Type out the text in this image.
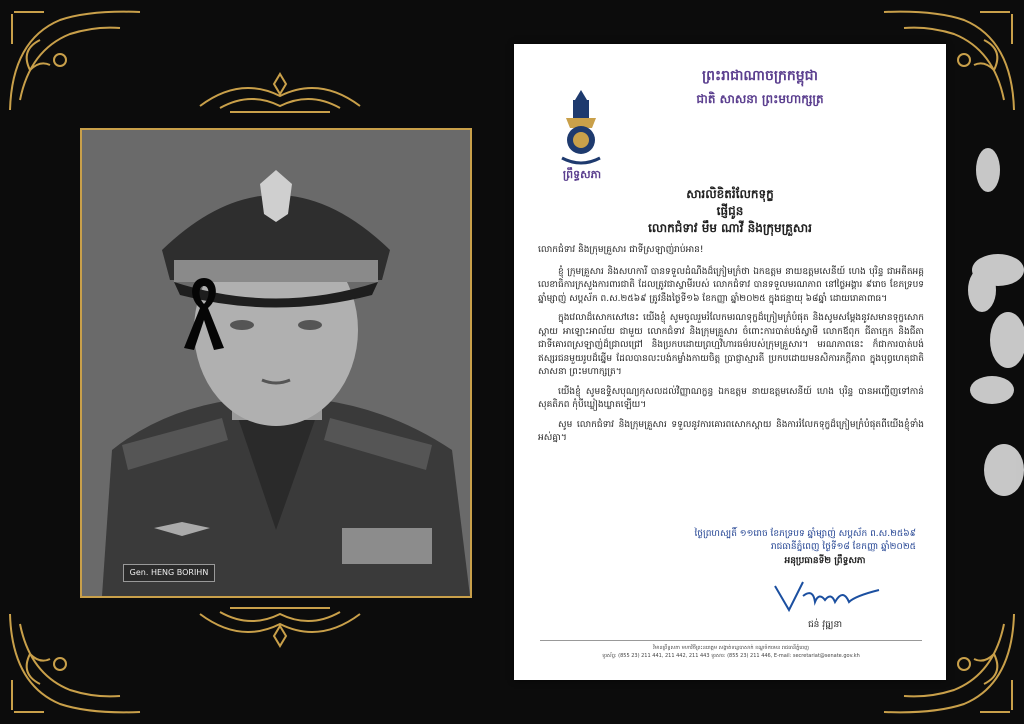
Gen. HENG BORIHN
ព្រះរាជាណាចក្រកម្ពុជា
ជាតិ សាសនា ព្រះមហាក្សត្រ
ព្រឹទ្ធសភា
សារលិខិតរំលែកទុក្ខ
ផ្ញើជូន
លោកជំទាវ មឹម ណាវី និងក្រុមគ្រួសារ

លោកជំទាវ និងក្រុមគ្រួសារ ជាទីស្រឡាញ់រាប់អាន!

ខ្ញុំ ក្រុមគ្រួសារ និងសហការី បានទទួលដំណឹងដ៏ក្រៀមក្រំថា ឯកឧត្តម នាយឧត្តមសេនីយ៍ ហេង បុរិន្ទ ជាអតីតអគ្គលេខាធិការក្រសួងការពារជាតិ ដែលត្រូវជាស្វាមីរបស់ លោកជំទាវ បានទទួលមរណភាព នៅថ្ងៃអង្គារ ៩រោច ខែភទ្របទ ឆ្នាំម្សាញ់ សប្តស័ក ព.ស.២៥៦៩ ត្រូវនឹងថ្ងៃទី១៦ ខែកញ្ញា ឆ្នាំ២០២៥ ក្នុងជន្មាយុ ៦៨ឆ្នាំ ដោយរោគាពាធ។

ក្នុងវេលាដ៏សោកសៅនេះ យើងខ្ញុំ សូមចូលរួមរំលែកមរណទុក្ខដ៏ក្រៀមក្រំបំផុត និងសូមសម្តែងនូវសមានទុក្ខសោកស្តាយ អាឡោះអាល័យ ជាមួយ លោកជំទាវ និងក្រុមគ្រួសារ ចំពោះការបាត់បង់ស្វាមី លោកឪពុក ជីតាក្មេក និងជីតា ជាទីគោរពស្រឡាញ់ដ៏ជ្រាលជ្រៅ និងប្រកបដោយព្រហ្មវិហារធម៌របស់ក្រុមគ្រួសារ។ មរណភាពនេះ ក៏ជាការបាត់បង់ឥស្សរជនមួយរូបដ៏ឆ្នើម ដែលបានលះបង់កម្លាំងកាយចិត្ត ប្រាជ្ញាស្មារតី ប្រកបដោយមនសិការភក្ដីភាព ក្នុងបុព្វហេតុជាតិ សាសនា ព្រះមហាក្សត្រ។

យើងខ្ញុំ សូមឧទ្ទិសបុណ្យកុសលដល់វិញ្ញាណក្ខន្ធ ឯកឧត្តម នាយឧត្តមសេនីយ៍ ហេង បុរិន្ទ បានអញ្ជើញទៅកាន់សុគតិភព កុំបីឃ្លៀងឃ្លាតឡើយ។

សូម លោកជំទាវ និងក្រុមគ្រួសារ ទទួលនូវការគោរពសោកស្តាយ និងការរំលែកទុក្ខដ៏ក្រៀមក្រំបំផុតពីយើងខ្ញុំទាំងអស់គ្នា។

ថ្ងៃព្រហស្បតិ៍ ១១រោច ខែភទ្របទ ឆ្នាំម្សាញ់ សប្តស័ក ព.ស.២៥៦៩
រាជធានីភ្នំពេញ ថ្ងៃទី១៨ ខែកញ្ញា ឆ្នាំ២០២៥
អនុប្រធានទី២ ព្រឹទ្ធសភា
ជន់ វុធ្ឍនា
វិមានព្រឹទ្ធសភា មហាវិថីព្រះនរោត្តម សង្កាត់ទន្លេបាសាក់ ខណ្ឌចំការមន រាជធានីភ្នំពេញ
ទូរស័ព្ទ: (855 23) 211 441, 211 442, 211 443 ទូរសារ: (855 23) 211 446, E-mail: secretariat@senate.gov.kh
